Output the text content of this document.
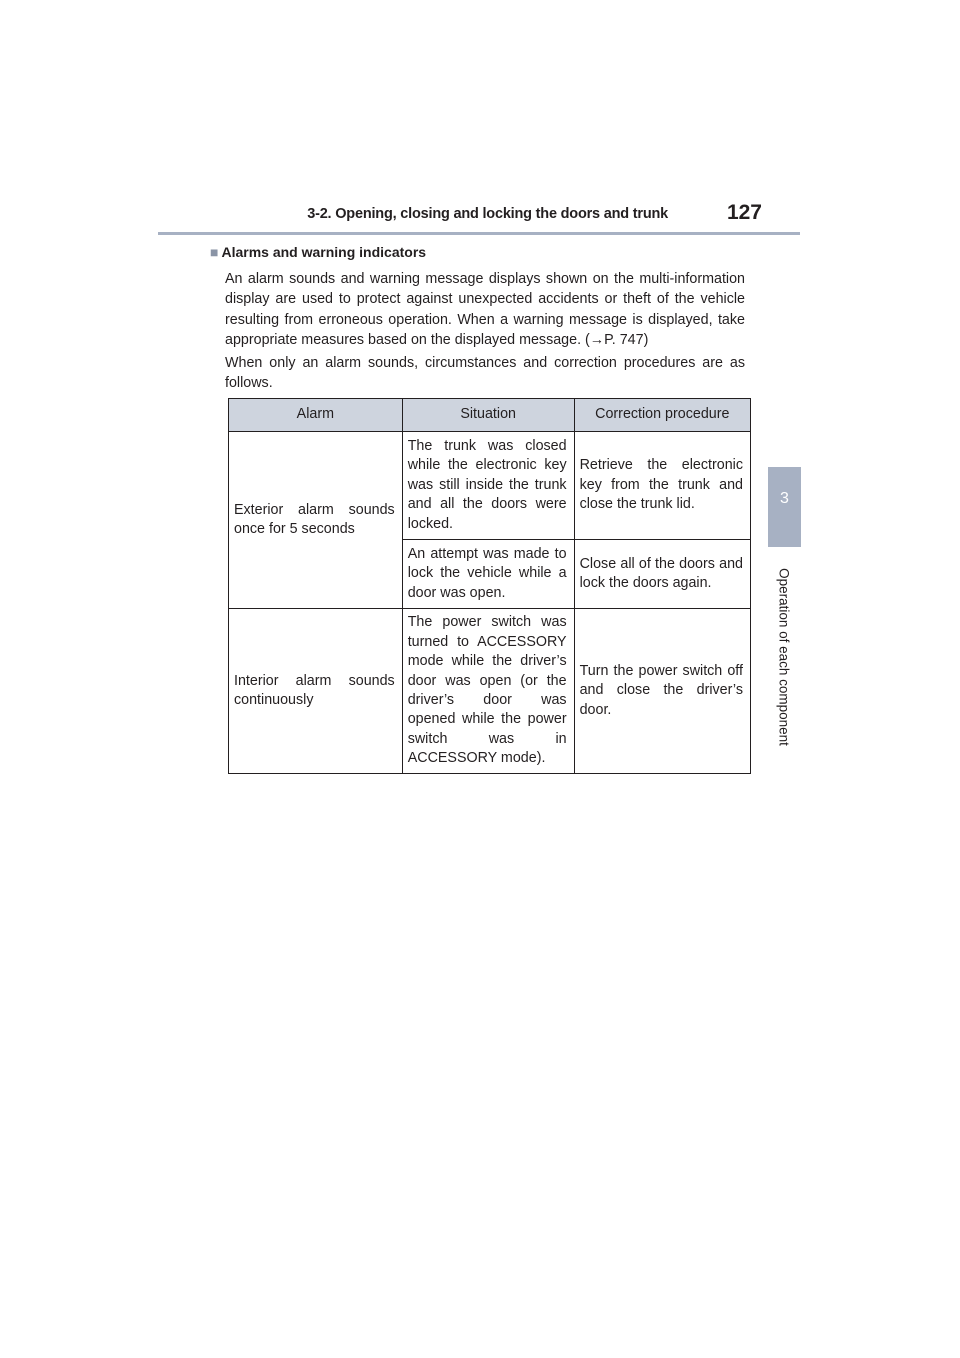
3-2. Opening, closing and locking the doors and trunk	127
3
Operation of each component
■ Alarms and warning indicators

An alarm sounds and warning message displays shown on the multi-information display are used to protect against unexpected accidents or theft of the vehicle resulting from erroneous operation. When a warning message is displayed, take appropriate measures based on the displayed message. (→P. 747)

When only an alarm sounds, circumstances and correction procedures are as follows.

Alarm	Situation	Correction procedure

Exterior alarm sounds once for 5 seconds	The trunk was closed while the electronic key was still inside the trunk and all the doors were locked.	Retrieve the electronic key from the trunk and close the trunk lid.

	An attempt was made to lock the vehicle while a door was open.	Close all of the doors and lock the doors again.

Interior alarm sounds continuously	The power switch was turned to ACCESSORY mode while the driver’s door was open (or the driver’s door was opened while the power switch was in ACCESSORY mode).	Turn the power switch off and close the driver’s door.
